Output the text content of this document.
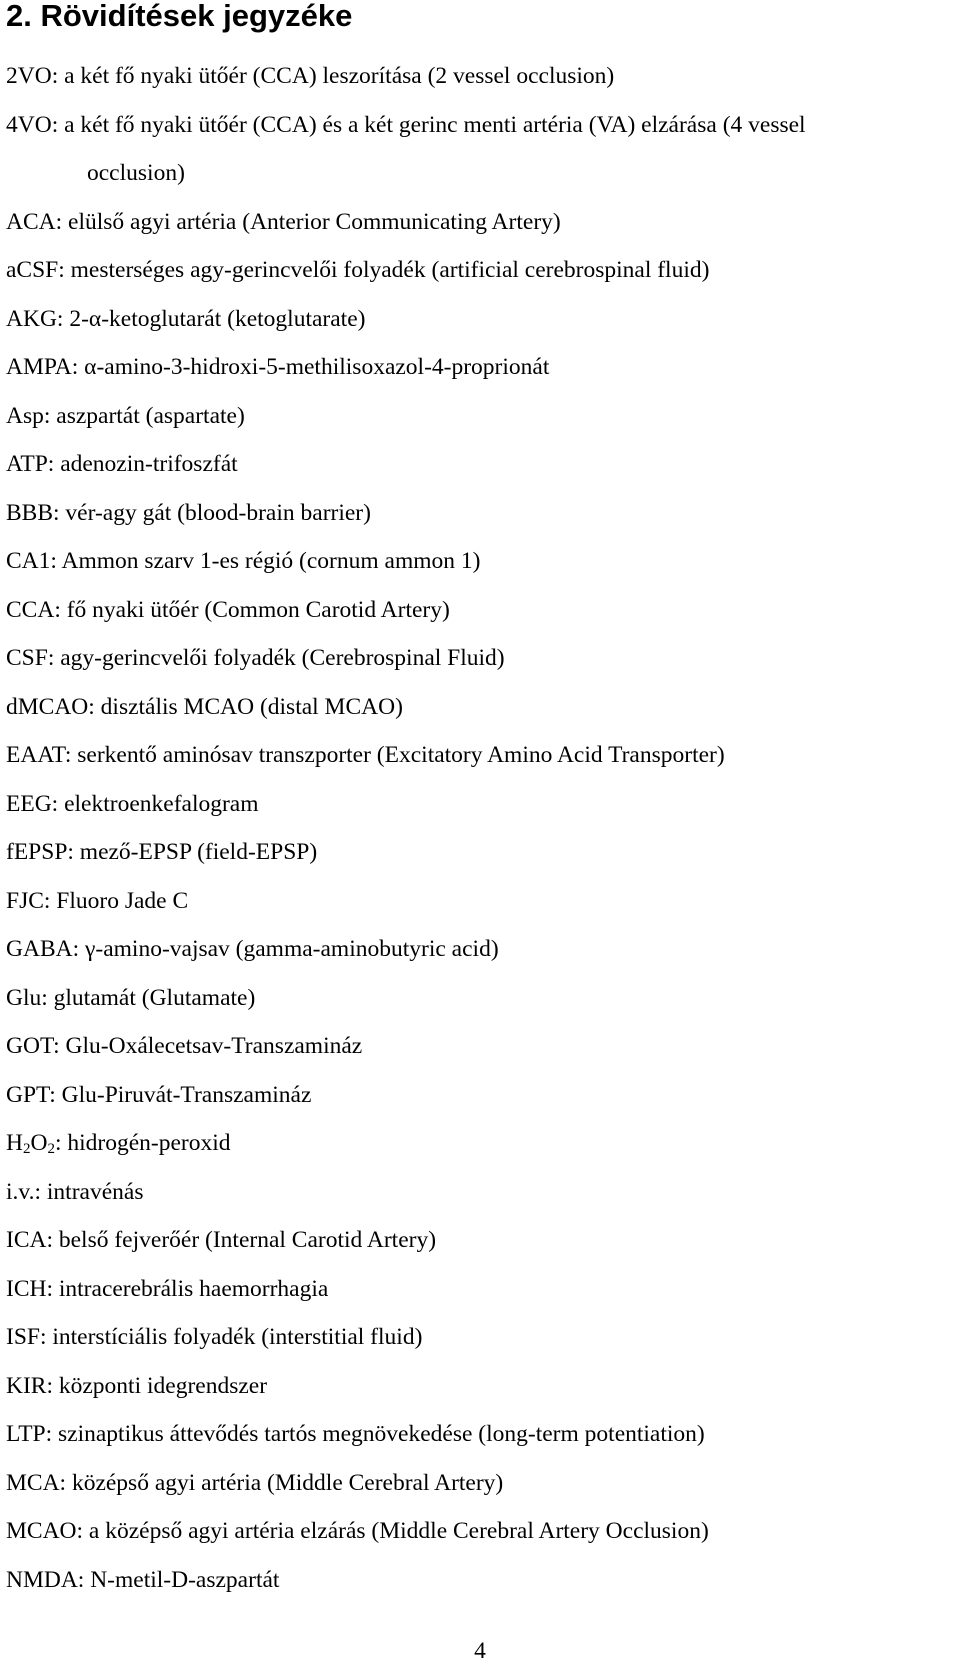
2. Rövidítések jegyzéke
2VO: a két fő nyaki ütőér (CCA) leszorítása (2 vessel occlusion)
4VO: a két fő nyaki ütőér (CCA) és a két gerinc menti artéria (VA) elzárása (4 vessel
occlusion)
ACA: elülső agyi artéria (Anterior Communicating Artery)
aCSF: mesterséges agy-gerincvelői folyadék (artificial cerebrospinal fluid)
AKG: 2-α-ketoglutarát (ketoglutarate)
AMPA: α-amino-3-hidroxi-5-methilisoxazol-4-proprionát
Asp: aszpartát (aspartate)
ATP: adenozin-trifoszfát
BBB: vér-agy gát (blood-brain barrier)
CA1: Ammon szarv 1-es régió (cornum ammon 1)
CCA: fő nyaki ütőér (Common Carotid Artery)
CSF: agy-gerincvelői folyadék (Cerebrospinal Fluid)
dMCAO: disztális MCAO (distal MCAO)
EAAT: serkentő aminósav transzporter (Excitatory Amino Acid Transporter)
EEG: elektroenkefalogram
fEPSP: mező-EPSP (field-EPSP)
FJC: Fluoro Jade C
GABA: γ-amino-vajsav (gamma-aminobutyric acid)
Glu: glutamát (Glutamate)
GOT: Glu-Oxálecetsav-Transzamináz
GPT: Glu-Piruvát-Transzamináz
$H_2O_2$: hidrogén-peroxid
i.v.: intravénás
ICA: belső fejverőér (Internal Carotid Artery)
ICH: intracerebrális haemorrhagia
ISF: interstíciális folyadék (interstitial fluid)
KIR: központi idegrendszer
LTP: szinaptikus áttevődés tartós megnövekedése (long-term potentiation)
MCA: középső agyi artéria (Middle Cerebral Artery)
MCAO: a középső agyi artéria elzárás (Middle Cerebral Artery Occlusion)
NMDA: N-metil-D-aszpartát
4
